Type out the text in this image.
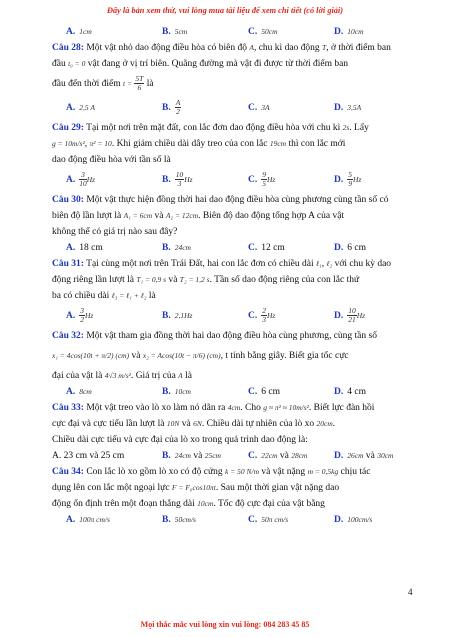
Đây là bản xem thử, vui lòng mua tài liệu để xem chi tiết (có lời giải)
A. 1cm	B. 5cm	C. 50cm	D. 10cm
Câu 28: Một vật nhỏ dao động điều hòa có biên độ A, chu kì dao động T, ở thời điểm ban
đầu t₀ = 0 vật đang ở vị trí biên. Quãng đường mà vật đi được từ thời điểm ban
đầu đến thời điểm $t = \frac{5T}{6}$ là
A. 2,5 A	B. $\frac{A}{2}$	C. 3A	D. 3,5A
Câu 29: Tại một nơi trên mặt đất, con lắc đơn dao động điều hòa với chu kì 2s. Lấy
g = 10m/s², π² = 10. Khi giảm chiều dài dây treo của con lắc 19cm thì con lắc mới
dao động điều hòa với tần số là
A. $\frac{3}{10}$ Hz	B. $\frac{10}{3}$ Hz	C. $\frac{9}{5}$ Hz	D. $\frac{5}{9}$ Hz
Câu 30: Một vật thực hiện đồng thời hai dao động điều hòa cùng phương cùng tần số có
biên độ lần lượt là A₁ = 6cm và A₂ = 12cm. Biên độ dao động tổng hợp A của vật
không thể có giá trị nào sau đây?
A. 18 cm	B. 24cm	C. 12 cm	D. 6 cm
Câu 31: Tại cùng một nơi trên Trái Đất, hai con lắc đơn có chiều dài ℓ₁, ℓ₂ với chu kỳ dao
động riêng lần lượt là T₁ = 0,9 s và T₂ = 1,2 s. Tần số dao động riêng của con lắc thứ
ba có chiều dài ℓ₃ = ℓ₁ + ℓ₂ là
A. $\frac{3}{2}$ Hz	B. 2,1Hz	C. $\frac{2}{3}$ Hz	D. $\frac{10}{21}$ Hz
Câu 32: Một vật tham gia đồng thời hai dao động điều hòa cùng phương, cùng tần số
x₁ = 4cos(10t + π/2) (cm) và x₂ = Acos(10t − π/6) (cm), t tính bằng giây. Biết gia tốc cực
đại của vật là 4√3 m/s². Giá trị của A là
A. 8cm	B. 10cm	C. 6 cm	D. 4 cm
Câu 33: Một vật treo vào lò xo làm nó dãn ra 4cm. Cho g ≈ π² ≈ 10m/s². Biết lực đàn hồi
cực đại và cực tiểu lần lượt là 10N và 6N. Chiều dài tự nhiên của lò xo 20cm.
Chiều dài cực tiểu và cực đại của lò xo trong quá trình dao động là:
A. 23 cm và 25 cm	B. 24cm và 25cm	C. 22cm và 28cm	D. 26cm và 30cm
Câu 34: Con lắc lò xo gồm lò xo có độ cứng k = 50 N/m và vật nặng m = 0,5kg chịu tác
dụng lên con lắc một ngoại lực F = F₀cos10πt. Sau một thời gian vật nặng dao
động ổn định trên một đoạn thẳng dài 10cm. Tốc độ cực đại của vật bằng
A. 100π cm/s	B. 50cm/s	C. 50π cm/s	D. 100cm/s
4
Mọi thắc mắc vui lòng xin vui lòng: 084 283 45 85
